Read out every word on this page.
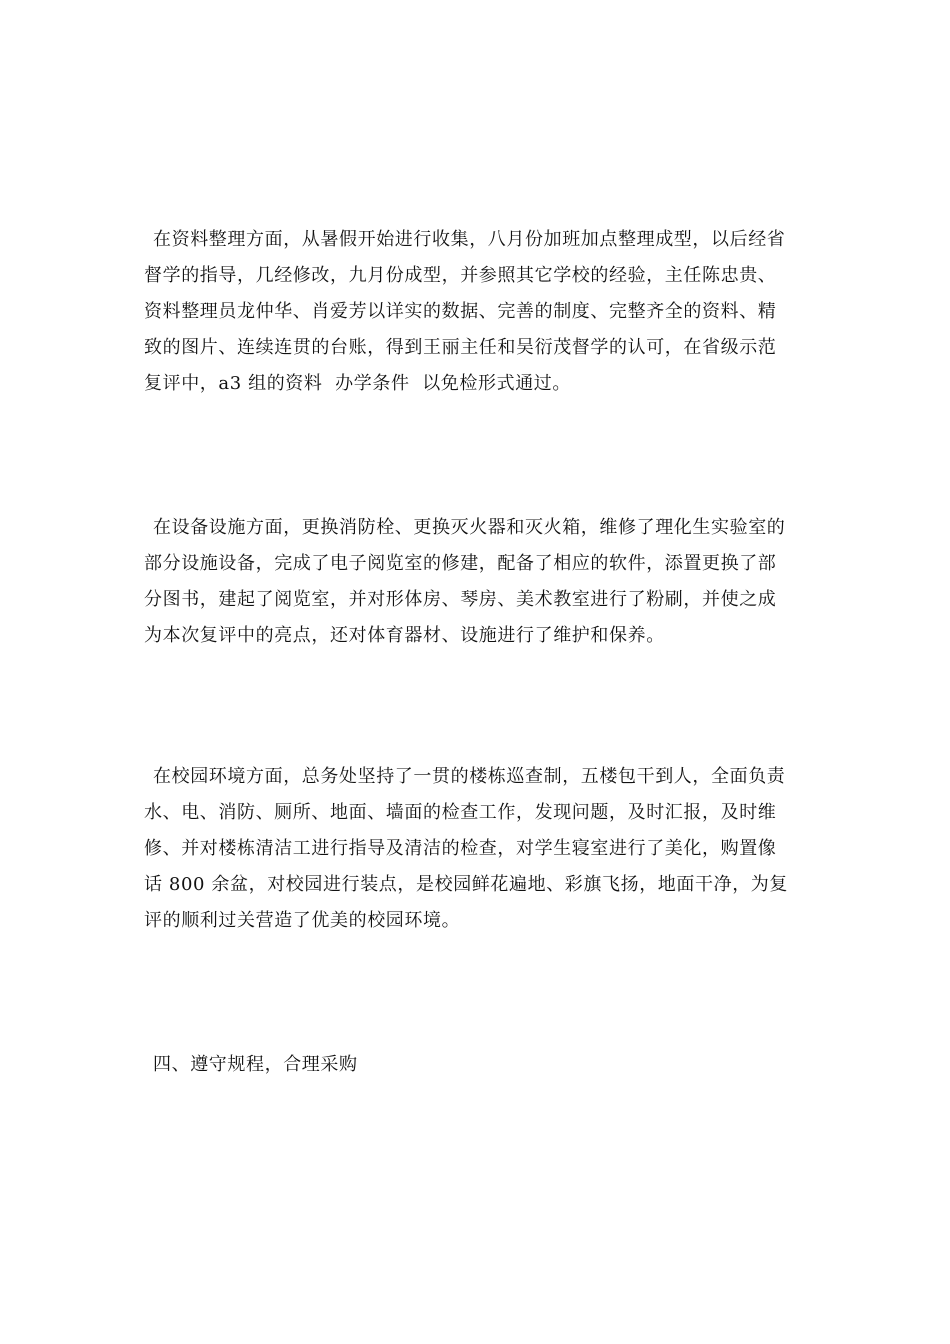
在资料整理方面，从暑假开始进行收集，八月份加班加点整理成型，以后经省
督学的指导，几经修改，九月份成型，并参照其它学校的经验，主任陈忠贵、
资料整理员龙仲华、肖爱芳以详实的数据、完善的制度、完整齐全的资料、精
致的图片、连续连贯的台账，得到王丽主任和吴衍茂督学的认可，在省级示范
复评中，a3 组的资料  办学条件  以免检形式通过。
在设备设施方面，更换消防栓、更换灭火器和灭火箱，维修了理化生实验室的
部分设施设备，完成了电子阅览室的修建，配备了相应的软件，添置更换了部
分图书，建起了阅览室，并对形体房、琴房、美术教室进行了粉刷，并使之成
为本次复评中的亮点，还对体育器材、设施进行了维护和保养。
在校园环境方面，总务处坚持了一贯的楼栋巡查制，五楼包干到人，全面负责
水、电、消防、厕所、地面、墙面的检查工作，发现问题，及时汇报，及时维
修、并对楼栋清洁工进行指导及清洁的检查，对学生寝室进行了美化，购置像
话 800 余盆，对校园进行装点，是校园鲜花遍地、彩旗飞扬，地面干净，为复
评的顺利过关营造了优美的校园环境。
四、遵守规程，合理采购
